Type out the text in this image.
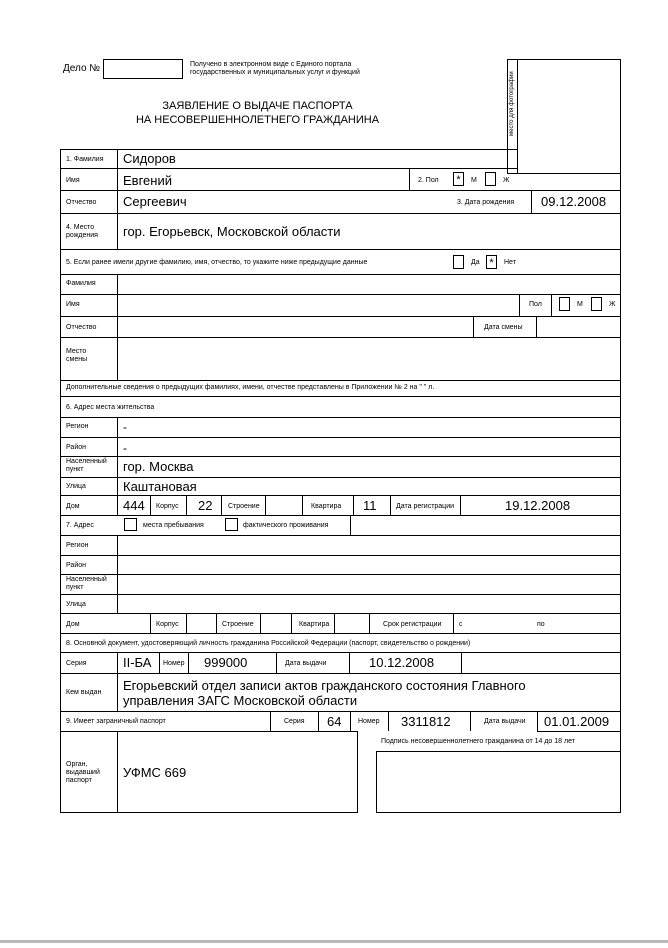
Дело №	Получено в электронном виде с Единого портала государственных и муниципальных услуг и функций
ЗАЯВЛЕНИЕ О ВЫДАЧЕ ПАСПОРТА
НА НЕСОВЕРШЕННОЛЕТНЕГО ГРАЖДАНИНА	место для фотографии
1. Фамилия Сидоров
Имя	Евгений	2. Пол	*	М	Ж
Отчество Сергеевич	3. Дата рождения 09.12.2008
4. Место рождения	гор. Егорьевск, Московской области
5. Если ранее имели другие фамилию, имя, отчество, то укажите ниже предыдущие данные	Да *	Нет
Фамилия
Имя	Пол	М	Ж
Отчество	Дата смены
Место смены
Дополнительные сведения о предыдущих фамилиях, имени, отчестве представлены в Приложении № 2 на " " л.
6. Адрес места жительства
Регион	-
Район	-
Населенный пункт	гор. Москва
Улица	Каштановая
Дом	444 Корпус 22 Строение	Квартира 11	Дата регистрации	19.12.2008
7. Адрес	места пребывания	фактического проживания
Регион
Район
Населенный пункт
Улица
Дом	Корпус	Строение	Квартира	Срок регистрации	с	по
8. Основной документ, удостоверяющий личность гражданина Российской Федерации (паспорт, свидетельство о рождении)
Серия	II-БА Номер 999000	Дата выдачи	10.12.2008
Кем выдан Егорьевский отдел записи актов гражданского состояния Главного
управления ЗАГС Московской области
9. Имеет заграничный паспорт	Серия 64 Номер 3311812	Дата выдачи 01.01.2009
Орган, выдавший паспорт
УФМС 669
Подпись несовершеннолетнего гражданина от 14 до 18 лет
